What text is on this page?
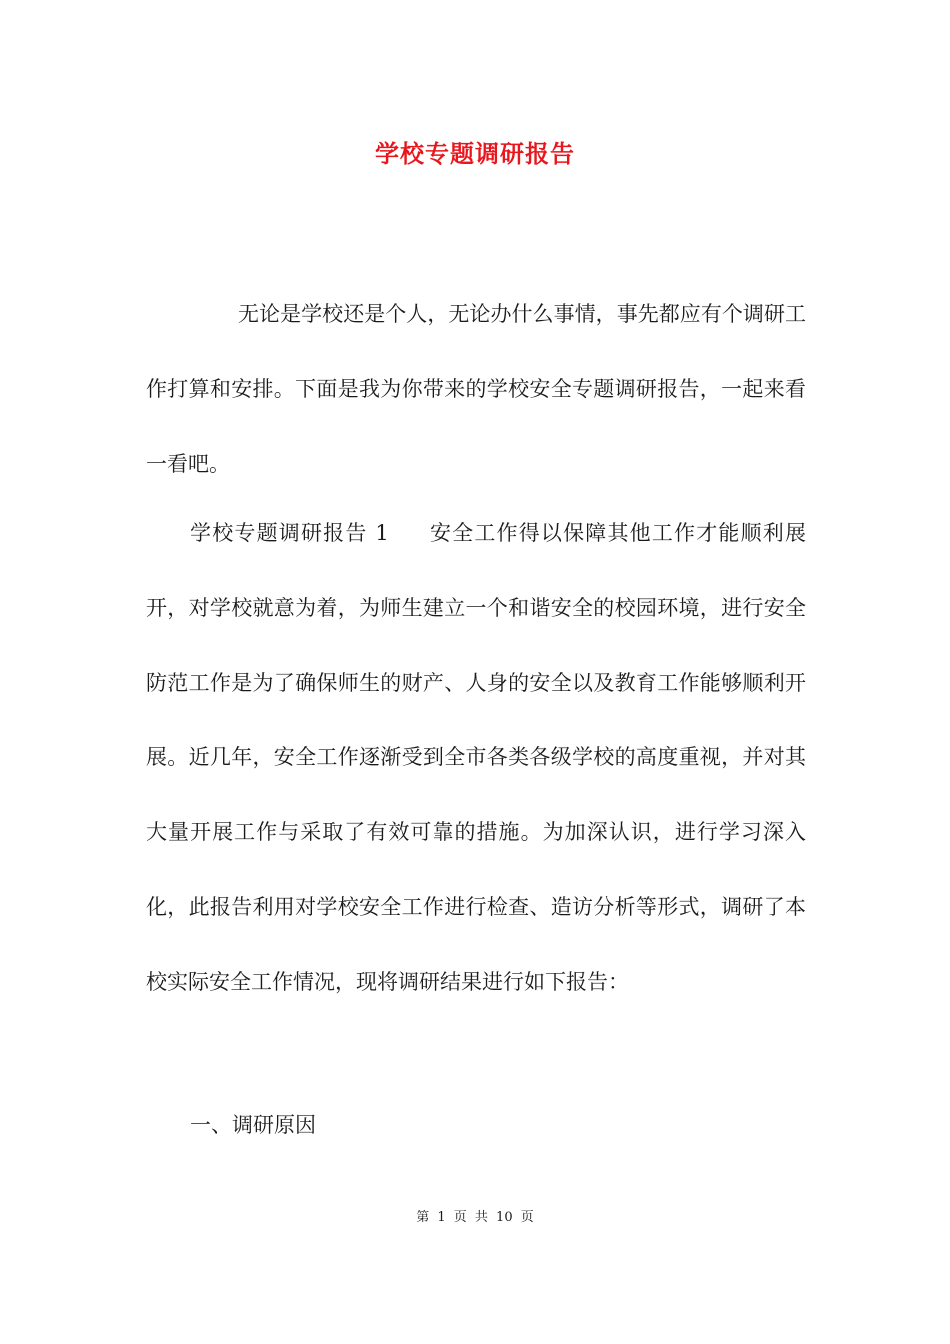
学校专题调研报告

无论是学校还是个人，无论办什么事情，事先都应有个调研工作打算和安排。下面是我为你带来的学校安全专题调研报告，一起来看一看吧。

学校专题调研报告 1 安全工作得以保障其他工作才能顺利展开，对学校就意为着，为师生建立一个和谐安全的校园环境，进行安全防范工作是为了确保师生的财产、人身的安全以及教育工作能够顺利开展。近几年，安全工作逐渐受到全市各类各级学校的高度重视，并对其大量开展工作与采取了有效可靠的措施。为加深认识，进行学习深入化，此报告利用对学校安全工作进行检查、造访分析等形式，调研了本校实际安全工作情况，现将调研结果进行如下报告：

一、调研原因

第 1 页 共 10 页
